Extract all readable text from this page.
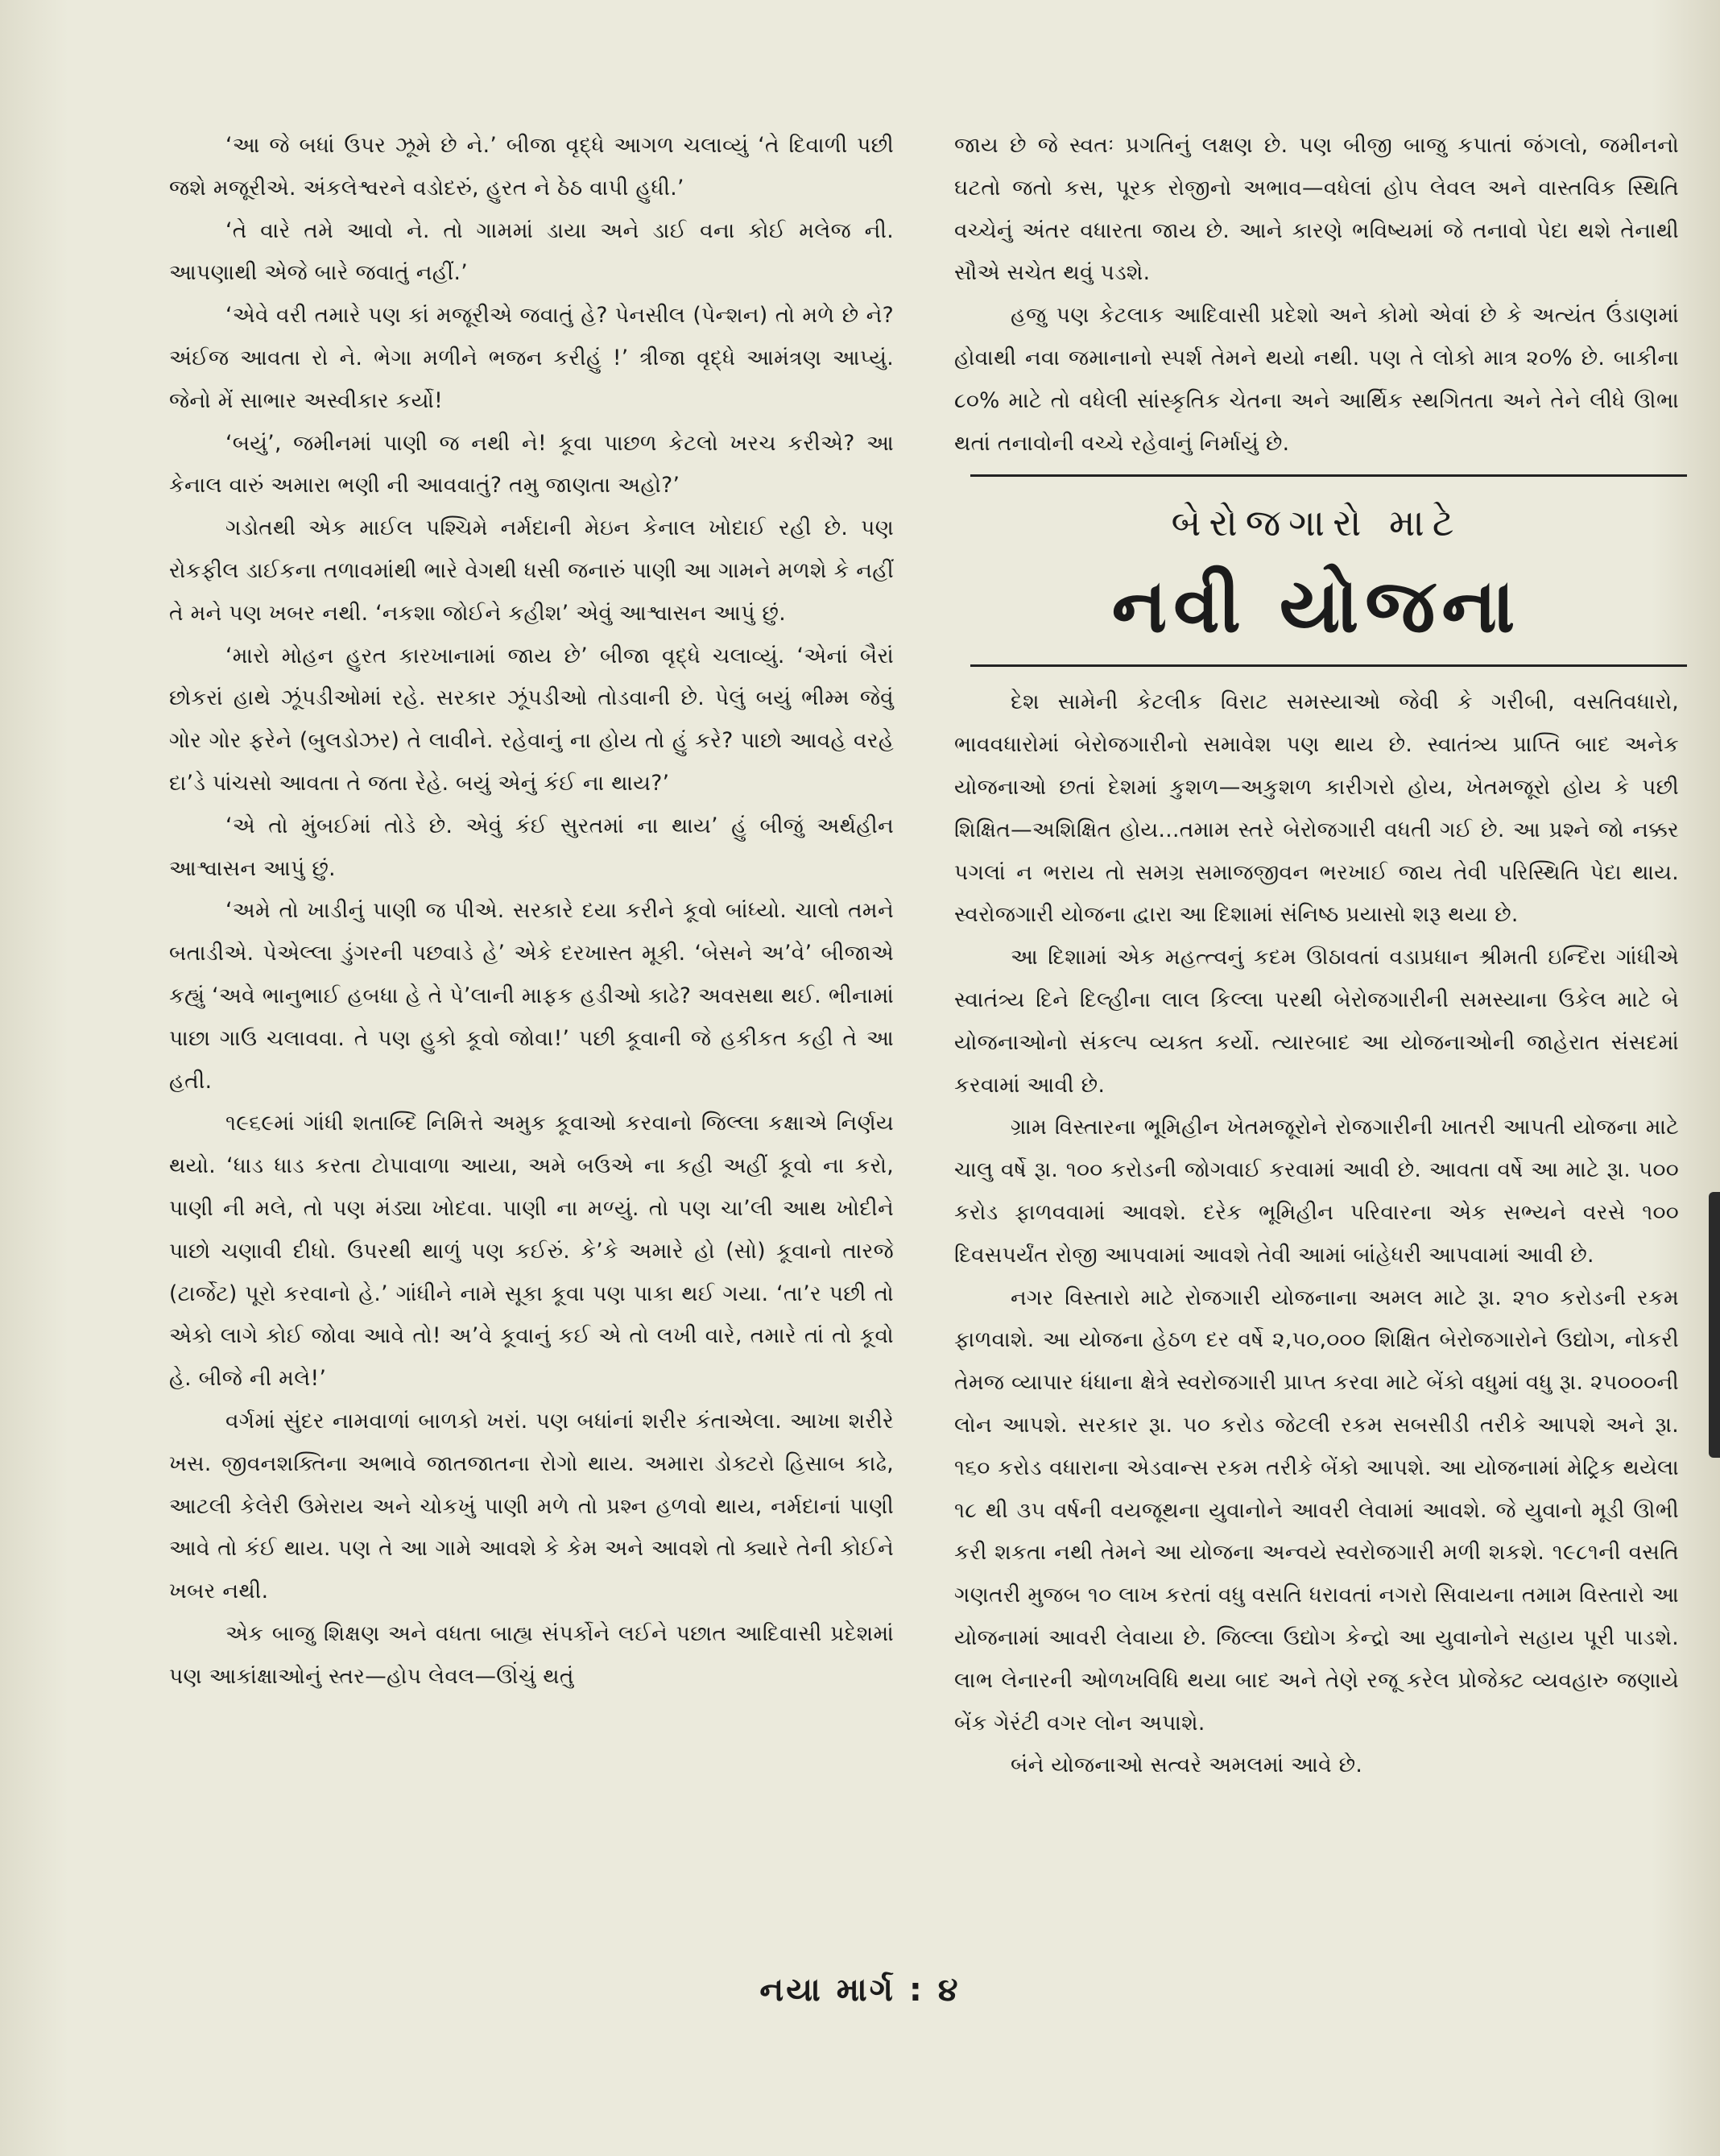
‘આ જે બધાં ઉપર ઝૂમે છે ને.’ બીજા વૃદ્ધે આગળ ચલાવ્યું ‘તે દિવાળી પછી જશે મજૂરીએ. અંકલેશ્વરને વડોદરું, હુરત ને ઠેઠ વાપી હુધી.’

‘તે વારે તમે આવો ને. તો ગામમાં ડાયા અને ડાઈ વના કોઈ મલેજ ની. આપણાથી એજે બારે જવાતું નહીં.’

‘એવે વરી તમારે પણ કાં મજૂરીએ જવાતું હે? પેનસીલ (પેન્શન) તો મળે છે ને? અંઈજ આવતા રો ને. ભેગા મળીને ભજન કરીહું !’ ત્રીજા વૃદ્ધે આમંત્રણ આપ્યું. જેનો મેં સાભાર અસ્વીકાર કર્યો!

‘બયું’, જમીનમાં પાણી જ નથી ને! કૂવા પાછળ કેટલો ખરચ કરીએ? આ કેનાલ વારું અમારા ભણી ની આવવાતું? તમુ જાણતા અહો?’

ગડોતથી એક માઈલ પશ્ચિમે નર્મદાની મેઇન કેનાલ ખોદાઈ રહી છે. પણ રોકફીલ ડાઈકના તળાવમાંથી ભારે વેગથી ધસી જનારું પાણી આ ગામને મળશે કે નહીં તે મને પણ ખબર નથી. ‘નકશા જોઈને કહીશ’ એવું આશ્વાસન આપું છું.

‘મારો મોહન હુરત કારખાનામાં જાય છે’ બીજા વૃદ્ધે ચલાવ્યું. ‘એનાં બૈરાં છોકરાં હાથે ઝૂંપડીઓમાં રહે. સરકાર ઝૂંપડીઓ તોડવાની છે. પેલું બયું ભીમ્મ જેવું ગોર ગોર ફરેને (બુલડોઝર) તે લાવીને. રહેવાનું ના હોય તો હું કરે? પાછો આવહે વરહે દા’ડે પાંચસો આવતા તે જતા રેહે. બયું એનું કંઈ ના થાય?’

‘એ તો મુંબઈમાં તોડે છે. એવું કંઈ સુરતમાં ના થાય’ હું બીજું અર્થહીન આશ્વાસન આપું છું.

‘અમે તો ખાડીનું પાણી જ પીએ. સરકારે દયા કરીને કૂવો બાંધ્યો. ચાલો તમને બતાડીએ. પેએલ્લા ડુંગરની પછવાડે હે’ એકે દરખાસ્ત મૂકી. ‘બેસને અ’વે’ બીજાએ કહ્યું ‘અવે ભાનુભાઈ હબધા હે તે પે’લાની માફક હડીઓ કાઢે? અવસથા થઈ. ભીનામાં પાછા ગાઉ ચલાવવા. તે પણ હુકો કૂવો જોવા!’ પછી કૂવાની જે હકીકત કહી તે આ હતી.

૧૯૬૯માં ગાંધી શતાબ્દિ નિમિત્તે અમુક કૂવાઓ કરવાનો જિલ્લા કક્ષાએ નિર્ણય થયો. ‘ધાડ ધાડ કરતા ટોપાવાળા આયા, અમે બઉએ ના કહી અહીં કૂવો ના કરો, પાણી ની મલે, તો પણ મંડ્યા ખોદવા. પાણી ના મળ્યું. તો પણ ચા’લી આથ ખોદીને પાછો ચણાવી દીધો. ઉપરથી થાળું પણ કઈરું. કે’કે અમારે હો (સો) કૂવાનો તારજે (ટાર્જેટ) પૂરો કરવાનો હે.’ ગાંધીને નામે સૂકા કૂવા પણ પાકા થઈ ગયા. ‘તા’ર પછી તો એકો લાગે કોઈ જોવા આવે તો! અ’વે કૂવાનું કઈ એ તો લખી વારે, તમારે તાં તો કૂવો હે. બીજે ની મલે!’

વર્ગમાં સુંદર નામવાળાં બાળકો ખરાં. પણ બધાંનાં શરીર કંતાએલા. આખા શરીરે ખસ. જીવનશક્તિના અભાવે જાતજાતના રોગો થાય. અમારા ડોક્ટરો હિસાબ કાઢે, આટલી કેલેરી ઉમેરાય અને ચોકખું પાણી મળે તો પ્રશ્ન હળવો થાય, નર્મદાનાં પાણી આવે તો કંઈ થાય. પણ તે આ ગામે આવશે કે કેમ અને આવશે તો ક્યારે તેની કોઈને ખબર નથી.

એક બાજુ શિક્ષણ અને વધતા બાહ્ય સંપર્કોને લઈને પછાત આદિવાસી પ્રદેશમાં પણ આકાંક્ષાઓનું સ્તર—હોપ લેવલ—ઊંચું થતું

જાય છે જે સ્વતઃ પ્રગતિનું લક્ષણ છે. પણ બીજી બાજુ કપાતાં જંગલો, જમીનનો ઘટતો જતો કસ, પૂરક રોજીનો અભાવ—વધેલાં હોપ લેવલ અને વાસ્તવિક સ્થિતિ વચ્ચેનું અંતર વધારતા જાય છે. આને કારણે ભવિષ્યમાં જે તનાવો પેદા થશે તેનાથી સૌએ સચેત થવું પડશે.

હજુ પણ કેટલાક આદિવાસી પ્રદેશો અને કોમો એવાં છે કે અત્યંત ઉંડાણમાં હોવાથી નવા જમાનાનો સ્પર્શ તેમને થયો નથી. પણ તે લોકો માત્ર ૨૦% છે. બાકીના ૮૦% માટે તો વધેલી સાંસ્કૃતિક ચેતના અને આર્થિક સ્થગિતતા અને તેને લીધે ઊભા થતાં તનાવોની વચ્ચે રહેવાનું નિર્માયું છે.

બેરોજગારો માટે
નવી યોજના

દેશ સામેની કેટલીક વિરાટ સમસ્યાઓ જેવી કે ગરીબી, વસતિવધારો, ભાવવધારોમાં બેરોજગારીનો સમાવેશ પણ થાય છે. સ્વાતંત્ર્ય પ્રાપ્તિ બાદ અનેક યોજનાઓ છતાં દેશમાં કુશળ—અકુશળ કારીગરો હોય, ખેતમજૂરો હોય કે પછી શિક્ષિત—અશિક્ષિત હોય...તમામ સ્તરે બેરોજગારી વધતી ગઈ છે. આ પ્રશ્ને જો નક્કર પગલાં ન ભરાય તો સમગ્ર સમાજજીવન ભરખાઈ જાય તેવી પરિસ્થિતિ પેદા થાય. સ્વરોજગારી યોજના દ્વારા આ દિશામાં સંનિષ્ઠ પ્રયાસો શરૂ થયા છે.

આ દિશામાં એક મહત્ત્વનું કદમ ઊઠાવતાં વડાપ્રધાન શ્રીમતી ઇન્દિરા ગાંધીએ સ્વાતંત્ર્ય દિને દિલ્હીના લાલ કિલ્લા પરથી બેરોજગારીની સમસ્યાના ઉકેલ માટે બે યોજનાઓનો સંકલ્પ વ્યક્ત કર્યો. ત્યારબાદ આ યોજનાઓની જાહેરાત સંસદમાં કરવામાં આવી છે.

ગ્રામ વિસ્તારના ભૂમિહીન ખેતમજૂરોને રોજગારીની ખાતરી આપતી યોજના માટે ચાલુ વર્ષે રૂા. ૧૦૦ કરોડની જોગવાઈ કરવામાં આવી છે. આવતા વર્ષે આ માટે રૂા. ૫૦૦ કરોડ ફાળવવામાં આવશે. દરેક ભૂમિહીન પરિવારના એક સભ્યને વરસે ૧૦૦ દિવસપર્યંત રોજી આપવામાં આવશે તેવી આમાં બાંહેધરી આપવામાં આવી છે.

નગર વિસ્તારો માટે રોજગારી યોજનાના અમલ માટે રૂા. ૨૧૦ કરોડની રકમ ફાળવાશે. આ યોજના હેઠળ દર વર્ષે ૨,૫૦,૦૦૦ શિક્ષિત બેરોજગારોને ઉદ્યોગ, નોકરી તેમજ વ્યાપાર ધંધાના ક્ષેત્રે સ્વરોજગારી પ્રાપ્ત કરવા માટે બેંકો વધુમાં વધુ રૂા. ૨૫૦૦૦ની લોન આપશે. સરકાર રૂા. ૫૦ કરોડ જેટલી રકમ સબસીડી તરીકે આપશે અને રૂા. ૧૬૦ કરોડ વધારાના એડવાન્સ રકમ તરીકે બેંકો આપશે. આ યોજનામાં મેટ્રિક થયેલા ૧૮ થી ૩૫ વર્ષની વયજૂથના યુવાનોને આવરી લેવામાં આવશે. જે યુવાનો મૂડી ઊભી કરી શકતા નથી તેમને આ યોજના અન્વયે સ્વરોજગારી મળી શકશે. ૧૯૮૧ની વસતિ ગણતરી મુજબ ૧૦ લાખ કરતાં વધુ વસતિ ધરાવતાં નગરો સિવાયના તમામ વિસ્તારો આ યોજનામાં આવરી લેવાયા છે. જિલ્લા ઉદ્યોગ કેન્દ્રો આ યુવાનોને સહાય પૂરી પાડશે. લાભ લેનારની ઓળખવિધિ થયા બાદ અને તેણે રજૂ કરેલ પ્રોજેક્ટ વ્યવહારુ જણાયે બેંક ગેરંટી વગર લોન અપાશે.

બંને યોજનાઓ સત્વરે અમલમાં આવે છે.

નયા માર્ગ : ૪
